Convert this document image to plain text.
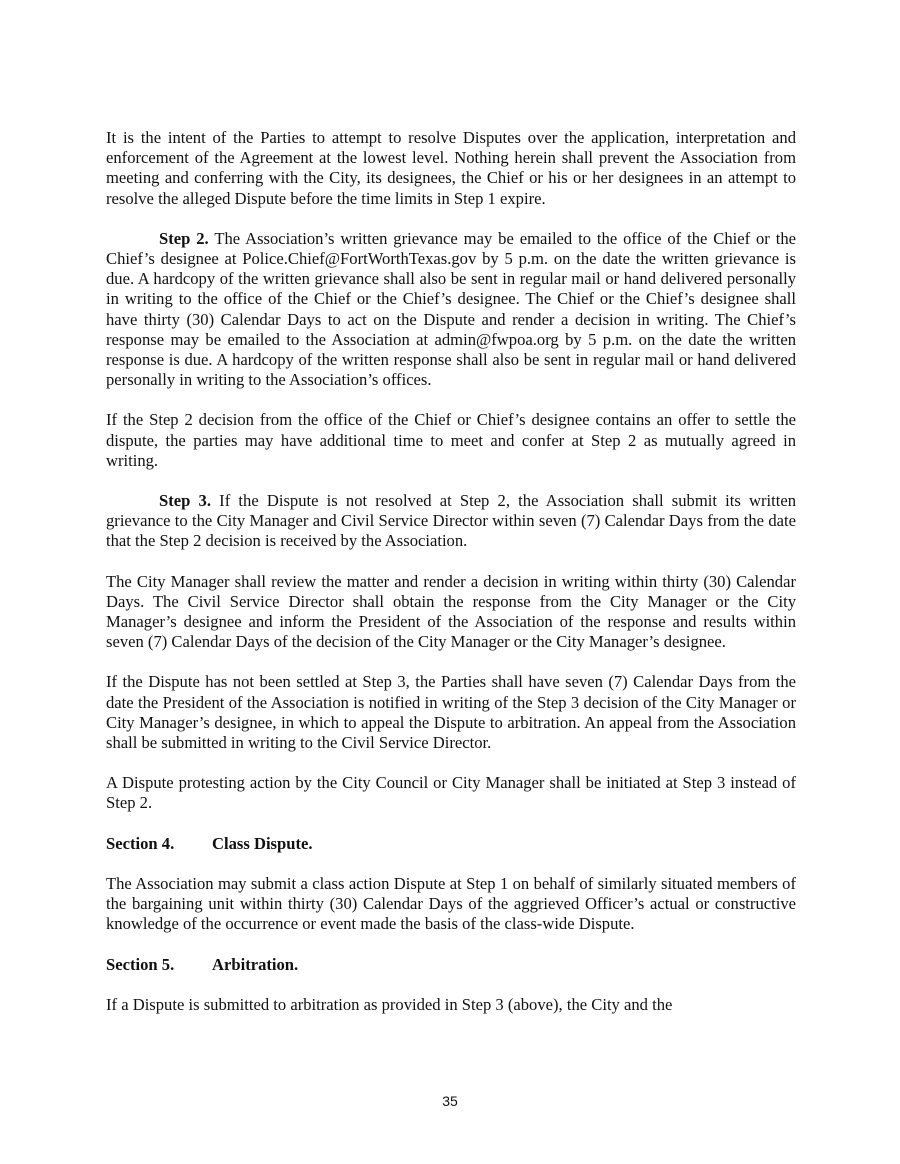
It is the intent of the Parties to attempt to resolve Disputes over the application, interpretation and enforcement of the Agreement at the lowest level. Nothing herein shall prevent the Association from meeting and conferring with the City, its designees, the Chief or his or her designees in an attempt to resolve the alleged Dispute before the time limits in Step 1 expire.

Step 2. The Association’s written grievance may be emailed to the office of the Chief or the Chief’s designee at Police.Chief@FortWorthTexas.gov by 5 p.m. on the date the written grievance is due. A hardcopy of the written grievance shall also be sent in regular mail or hand delivered personally in writing to the office of the Chief or the Chief’s designee. The Chief or the Chief’s designee shall have thirty (30) Calendar Days to act on the Dispute and render a decision in writing. The Chief’s response may be emailed to the Association at admin@fwpoa.org by 5 p.m. on the date the written response is due. A hardcopy of the written response shall also be sent in regular mail or hand delivered personally in writing to the Association’s offices.

If the Step 2 decision from the office of the Chief or Chief’s designee contains an offer to settle the dispute, the parties may have additional time to meet and confer at Step 2 as mutually agreed in writing.

Step 3. If the Dispute is not resolved at Step 2, the Association shall submit its written grievance to the City Manager and Civil Service Director within seven (7) Calendar Days from the date that the Step 2 decision is received by the Association.

The City Manager shall review the matter and render a decision in writing within thirty (30) Calendar Days. The Civil Service Director shall obtain the response from the City Manager or the City Manager’s designee and inform the President of the Association of the response and results within seven (7) Calendar Days of the decision of the City Manager or the City Manager’s designee.

If the Dispute has not been settled at Step 3, the Parties shall have seven (7) Calendar Days from the date the President of the Association is notified in writing of the Step 3 decision of the City Manager or City Manager’s designee, in which to appeal the Dispute to arbitration. An appeal from the Association shall be submitted in writing to the Civil Service Director.

A Dispute protesting action by the City Council or City Manager shall be initiated at Step 3 instead of Step 2.

Section 4. Class Dispute.

The Association may submit a class action Dispute at Step 1 on behalf of similarly situated members of the bargaining unit within thirty (30) Calendar Days of the aggrieved Officer’s actual or constructive knowledge of the occurrence or event made the basis of the class-wide Dispute.

Section 5. Arbitration.

If a Dispute is submitted to arbitration as provided in Step 3 (above), the City and the

35
